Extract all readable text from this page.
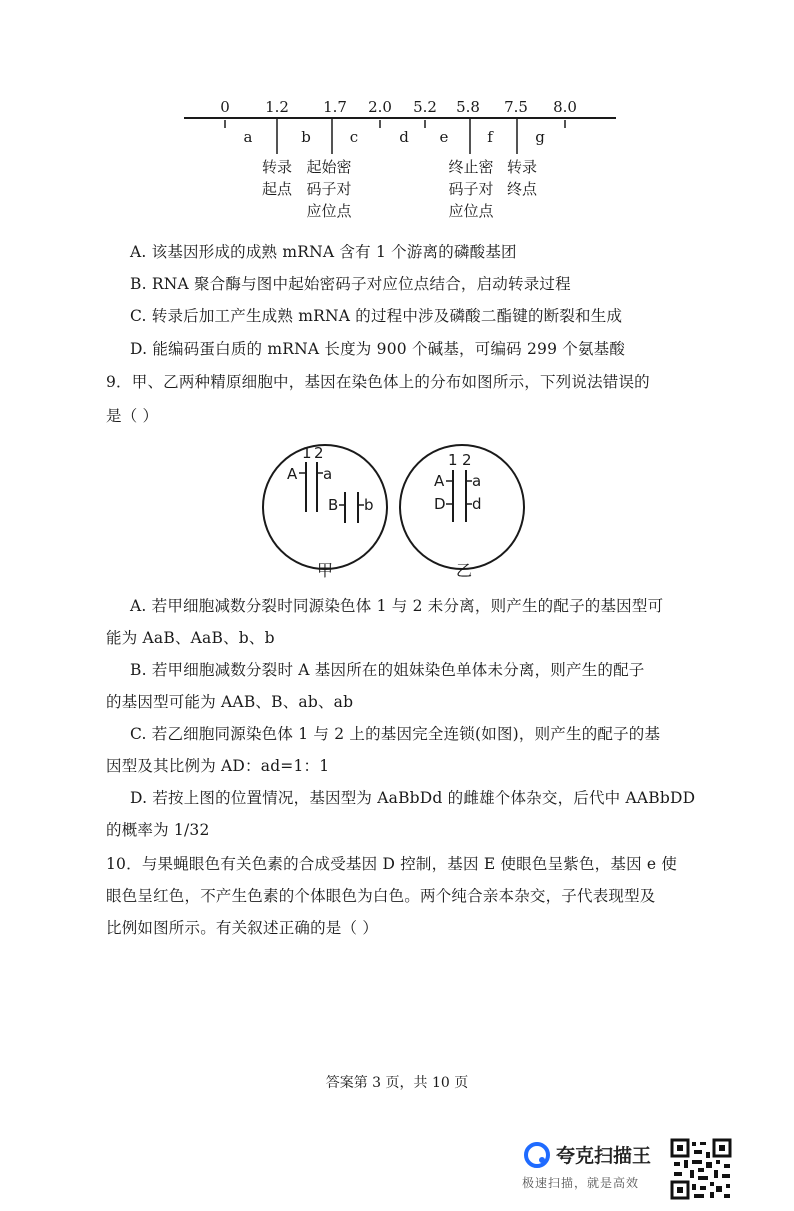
0 1.2 1.7 2.0 5.2 5.8 7.5 8.0
a	b	c	d e	f	g
转录
起点
起始密
码子对
应位点
终止密
码子对
应位点
转录
终点
A. 该基因形成的成熟 mRNA 含有 1 个游离的磷酸基团
B. RNA 聚合酶与图中起始密码子对应位点结合，启动转录过程
C. 转录后加工产生成熟 mRNA 的过程中涉及磷酸二酯键的断裂和生成
D. 能编码蛋白质的 mRNA 长度为 900 个碱基，可编码 299 个氨基酸
9．甲、乙两种精原细胞中，基因在染色体上的分布如图所示，下列说法错误的
是（ ）
1 2
A a
B b
1 2
A a
D d
甲	乙
A. 若甲细胞减数分裂时同源染色体 1 与 2 未分离，则产生的配子的基因型可
能为 AaB、AaB、b、b
B. 若甲细胞减数分裂时 A 基因所在的姐妹染色单体未分离，则产生的配子
的基因型可能为 AAB、B、ab、ab
C. 若乙细胞同源染色体 1 与 2 上的基因完全连锁(如图)，则产生的配子的基
因型及其比例为 AD：ad=1：1
D. 若按上图的位置情况，基因型为 AaBbDd 的雌雄个体杂交，后代中 AABbDD
的概率为 1/32
10．与果蝇眼色有关色素的合成受基因 D 控制，基因 E 使眼色呈紫色，基因 e 使
眼色呈红色，不产生色素的个体眼色为白色。两个纯合亲本杂交，子代表现型及
比例如图所示。有关叙述正确的是（ ）
答案第 3 页，共 10 页
夸克扫描王
极速扫描，就是高效
